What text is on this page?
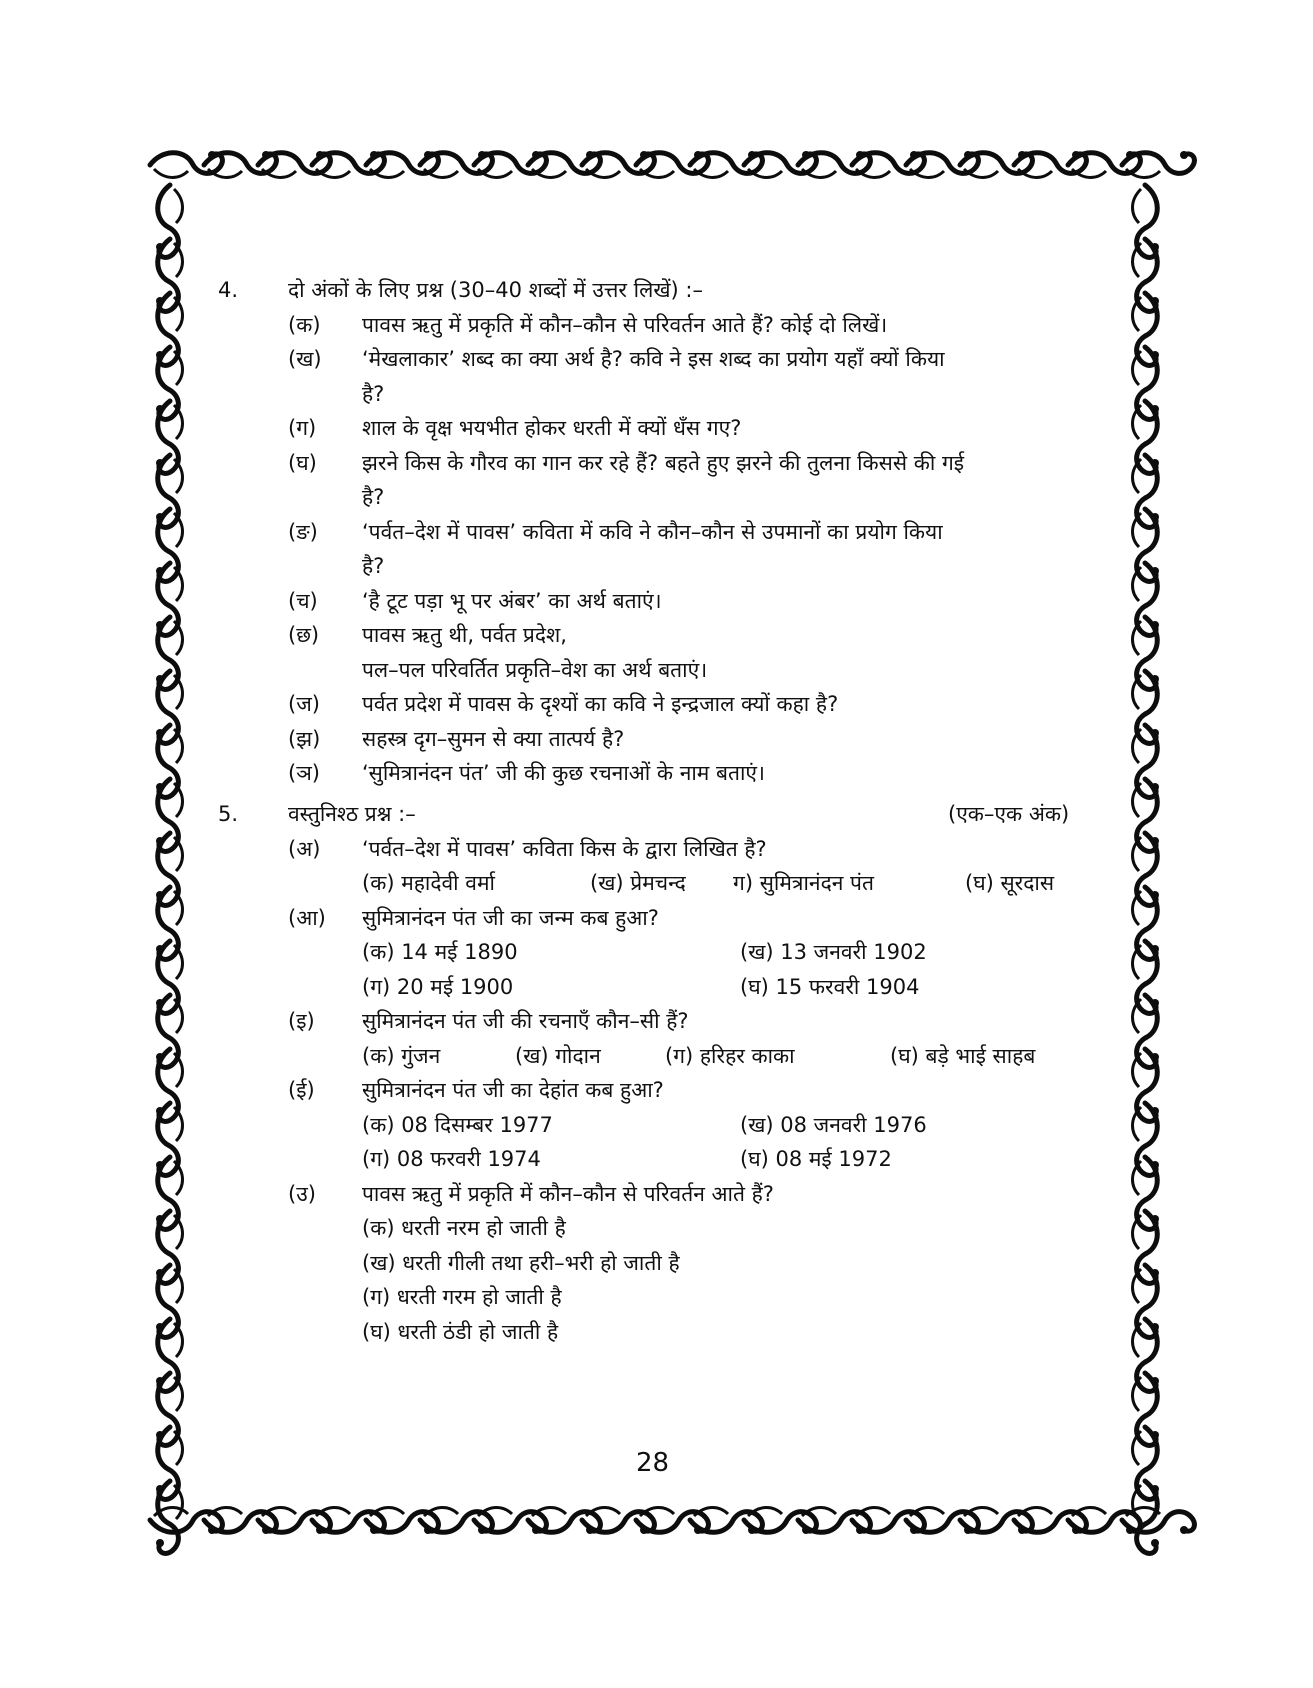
4. दो अंकों के लिए प्रश्न (30–40 शब्दों में उत्तर लिखें) :–
(क) पावस ऋतु में प्रकृति में कौन–कौन से परिवर्तन आते हैं? कोई दो लिखें।
(ख) ‘मेखलाकार’ शब्द का क्या अर्थ है? कवि ने इस शब्द का प्रयोग यहाँ क्यों किया
है?
(ग) शाल के वृक्ष भयभीत होकर धरती में क्यों धँस गए?
(घ) झरने किस के गौरव का गान कर रहे हैं? बहते हुए झरने की तुलना किससे की गई
है?
(ङ) ‘पर्वत–देश में पावस’ कविता में कवि ने कौन–कौन से उपमानों का प्रयोग किया
है?
(च) ‘है टूट पड़ा भू पर अंबर’ का अर्थ बताएं।
(छ) पावस ऋतु थी, पर्वत प्रदेश,
पल–पल परिवर्तित प्रकृति–वेश का अर्थ बताएं।
(ज) पर्वत प्रदेश में पावस के दृश्यों का कवि ने इन्द्रजाल क्यों कहा है?
(झ) सहस्त्र दृग–सुमन से क्या तात्पर्य है?
(ञ) ‘सुमित्रानंदन पंत’ जी की कुछ रचनाओं के नाम बताएं।
5. वस्तुनिश्ठ प्रश्न :–	(एक–एक अंक)
(अ) ‘पर्वत–देश में पावस’ कविता किस के द्वारा लिखित है?
(क) महादेवी वर्मा	(ख) प्रेमचन्द ग) सुमित्रानंदन पंत	(घ) सूरदास
(आ) सुमित्रानंदन पंत जी का जन्म कब हुआ?
(क) 14 मई 1890	(ख) 13 जनवरी 1902
(ग) 20 मई 1900	(घ) 15 फरवरी 1904
(इ) सुमित्रानंदन पंत जी की रचनाएँ कौन–सी हैं?
(क) गुंजन	(ख) गोदान	(ग) हरिहर काका	(घ) बड़े भाई साहब
(ई) सुमित्रानंदन पंत जी का देहांत कब हुआ?
(क) 08 दिसम्बर 1977	(ख) 08 जनवरी 1976
(ग) 08 फरवरी 1974	(घ) 08 मई 1972
(उ) पावस ऋतु में प्रकृति में कौन–कौन से परिवर्तन आते हैं?
(क) धरती नरम हो जाती है
(ख) धरती गीली तथा हरी–भरी हो जाती है
(ग) धरती गरम हो जाती है
(घ) धरती ठंडी हो जाती है
28
